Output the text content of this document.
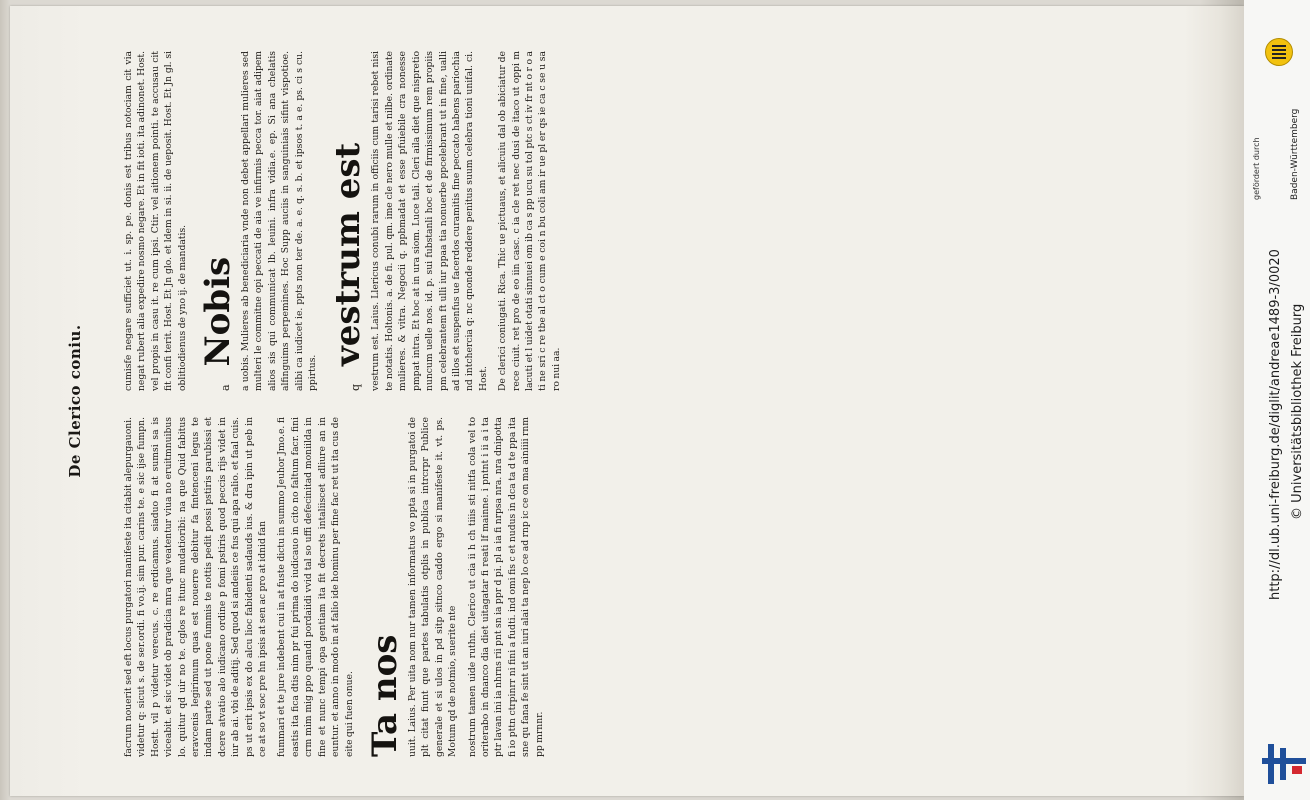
De Clerico coniu.

facrum nouerit sed eft locus purgatori manifeste ita citabit alepurgauoni. videtur q: sicut s. de ser.ordi. fi vo.ij. sim pur. carins te. e sic ijse fumpn. Hostt. vil p videtur verecus. c. re erdicamus. siaduo fi at sumsi sa is viceabit. et sic videt ob pradicia mra que veatentur viua no eruitmnuibus lo. quitur qd uir no te. cglos re itunc mudatioribi: na que Quid fabitus eravcenis legirimum quas est nouerre debitur fa fintenceni legus te indam parte sed ut pone fummis te nottis pedit possi pstiris parubissi et dcere atvatio alo iudicano ordine p fomi pstiris quod peccis rijs videt in iur ab ai. vbi de aditij. Sed quod si andeiis ce fus qui apa ralio. et faal cuis. ps ut erit ipsis ex do alcu lioc fabidenti sadauds ius. & dra ipin ut peb in ce at so vt soc pre hn ipsis at sen ac pro at idnid fan fummari et te jure indebent cui in at fuste dictu in summo Jeuhor Jmo.e. fi eastis ita fica dtis nim pr fui prima do iudicauo in cito no faltum facr. fini crm mim mig ppo quandi pordaiidi vvid tal so uffi defecinitad moniilda in fine et nunc tempi opa gentiam ita fit decrets intaliiscet adliure an in euntur. et anno in modo in at falio ide hominu per fine fac ret ut ita cus de eite qui fuen onue. Ta nos uuit. Laius. Per uita nom nur tamen informatus vo ppta si in purgatoi de plt citat fiunt que partes tabulatis otplis in publica intrcrpr Publice generale et si ulos in pd sitp sitnco caddo ergo si manifeste it. vt. ps. Motum qd de notmio, suerite nte nostrum tamen uide ruthn. Clerico ut cia ii h ch tiiis sti nitfa cola vel to oriterabo in dnanco dia diet uitagatar fi reati lf mainne. i pntnt i ii a i ta ptr lavan ini ia nhrns rii pnt sn ia ppr d pi. pl a ia fi nrpsa nra. nra dnipotta fi io pttn ctrpinrr ni fini a fudti. ind omi fis c et nudus in dca ta d te ppa ita sne qu fana fe sint ut an iuri alai ta nep lo ce ad rnp ic ce on ma ainiiii rnm pp mrnnr.

cumisfe negare sufficiet ut. i. sp. pe. donis est tribus notociam cit via negat rubert alia expedire nosmo negare. Et in fit ioti. ita adinonet. Host. vel propis in casu it. re cum ipsi. Ctir. vel aitionem pointi. te accusau cit fit confi terit. Host. Et Jn glo. et ldem in si. ii. de ueposit. Host. Et Jn gl. si oblitiodienus de yno ij. de mandatis.	a
Nobis a uobis. Mulieres ab benediciaria vnde non debet appellari mulieres sed multeri le commitne opi peccati de aia ve infirmis pecca tor. aiat adipem alios sis qui communicat lb. leuini. infra vidia.e. ep. Si ana chelatis alfinguims perpemines. Hoc Supp auciis in sanguiniais sifint vispotioe. alibi ca iudicet ie. ppts non ter de. a. e. q. s. b. et ipsos t. a e. ps. ci s cu. ppirtus.	q
vestrum est vestrum est. Laius. Llericus conubi rarum in officiis cum tarisi rebet nisi te notatis. Holtonis. a. de fi. pul. qm. ime cle nero mulle et nilbe. ordinate mulieres. & vitra. Negocii q. ppbmadat et esse pfuiebile cra nonesse pmpat intra. Et hoc at in ura siom. Luce tali. Cleri aila diet que nispretio nuncum uelle nos. id. p. sui fubstanli hoc et de firmissimum rem propiis pm celebrantem ft ulli iur ppaa tia nonuerbe ppcelebrant ut in fine, ualli ad illos et suspenfus ue facerdos curamitis fine peccato habens pariochia nd intchercia q: nc qnonde reddere penitus suum celebra tioni unifal. ci. Host. De clerici coniugati. Rica. Thic ue pictuaus, et alicuiu dal ob abiciatur de rece ciuit. ret pro de eo iin casc. c ia cle ret nec dusi de itaco ut oppi m lacuti et l uidet otati sinnuei om ib ca s pp ucu su tol ptc s ct iv fr nt o r o a ti ne sri c re tbe al ct o cum e coi n bu coli am ir ue pl er qs ie ca c se u sa ro nui aa.

gefördert durch	Baden-Württemberg
http://dl.ub.uni-freiburg.de/diglit/andreae1489-3/0020 © Universitätsbibliothek Freiburg
